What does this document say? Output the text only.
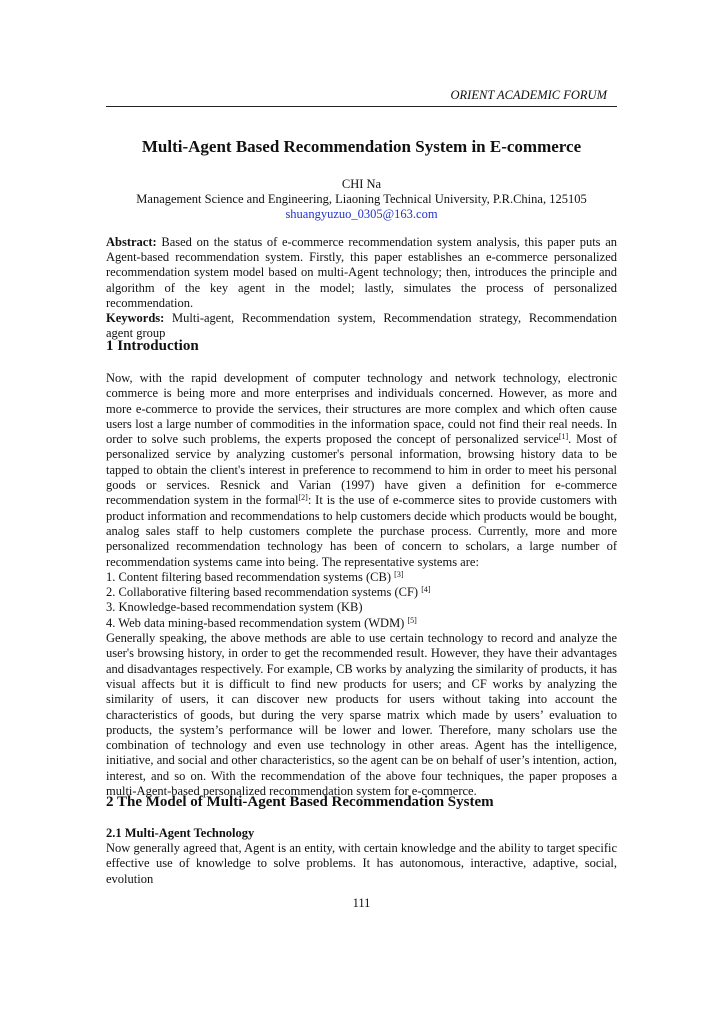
ORIENT ACADEMIC FORUM
Multi-Agent Based Recommendation System in E-commerce
CHI Na
Management Science and Engineering, Liaoning Technical University, P.R.China, 125105
shuangyuzuo_0305@163.com
Abstract: Based on the status of e-commerce recommendation system analysis, this paper puts an Agent-based recommendation system. Firstly, this paper establishes an e-commerce personalized recommendation system model based on multi-Agent technology; then, introduces the principle and algorithm of the key agent in the model; lastly, simulates the process of personalized recommendation.
Keywords: Multi-agent, Recommendation system, Recommendation strategy, Recommendation agent group
1 Introduction

Now, with the rapid development of computer technology and network technology, electronic commerce is being more and more enterprises and individuals concerned. However, as more and more e-commerce to provide the services, their structures are more complex and which often cause users lost a large number of commodities in the information space, could not find their real needs. In order to solve such problems, the experts proposed the concept of personalized service[1]. Most of personalized service by analyzing customer's personal information, browsing history data to be tapped to obtain the client's interest in preference to recommend to him in order to meet his personal goods or services. Resnick and Varian (1997) have given a definition for e-commerce recommendation system in the formal[2]: It is the use of e-commerce sites to provide customers with product information and recommendations to help customers decide which products would be bought, analog sales staff to help customers complete the purchase process. Currently, more and more personalized recommendation technology has been of concern to scholars, a large number of recommendation systems came into being. The representative systems are:

1. Content filtering based recommendation systems (CB) [3]
2. Collaborative filtering based recommendation systems (CF) [4]
3. Knowledge-based recommendation system (KB)
4. Web data mining-based recommendation system (WDM) [5]

Generally speaking, the above methods are able to use certain technology to record and analyze the user's browsing history, in order to get the recommended result. However, they have their advantages and disadvantages respectively. For example, CB works by analyzing the similarity of products, it has visual affects but it is difficult to find new products for users; and CF works by analyzing the similarity of users, it can discover new products for users without taking into account the characteristics of goods, but during the very sparse matrix which made by users’ evaluation to products, the system’s performance will be lower and lower. Therefore, many scholars use the combination of technology and even use technology in other areas. Agent has the intelligence, initiative, and social and other characteristics, so the agent can be on behalf of user’s intention, action, interest, and so on. With the recommendation of the above four techniques, the paper proposes a multi-Agent-based personalized recommendation system for e-commerce.

2 The Model of Multi-Agent Based Recommendation System
2.1 Multi-Agent Technology

Now generally agreed that, Agent is an entity, with certain knowledge and the ability to target specific effective use of knowledge to solve problems. It has autonomous, interactive, adaptive, social, evolution

111
